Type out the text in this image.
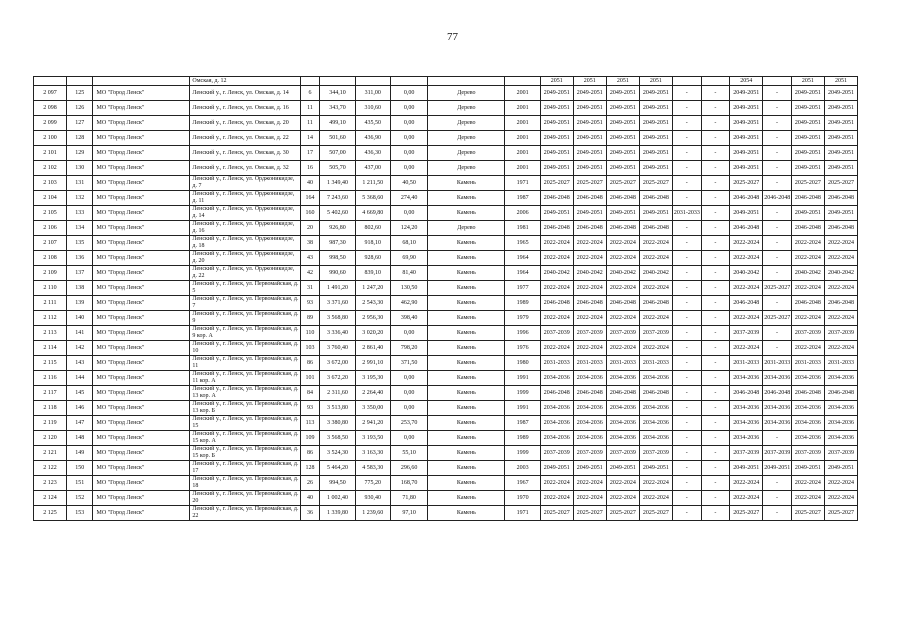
77
			Омская, д. 12							2051	2051	2051	2051			2054		2051	2051
2 097	125	МО "Город Ленск"	Ленский у., г. Ленск, ул. Омская, д. 14	6	344,10	311,00	0,00	Дерево	2001	2049-2051	2049-2051	2049-2051	2049-2051	-	-	2049-2051	-	2049-2051	2049-2051
2 098	126	МО "Город Ленск"	Ленский у., г. Ленск, ул. Омская, д. 16	11	343,70	310,60	0,00	Дерево	2001	2049-2051	2049-2051	2049-2051	2049-2051	-	-	2049-2051	-	2049-2051	2049-2051
2 099	127	МО "Город Ленск"	Ленский у., г. Ленск, ул. Омская, д. 20	11	499,10	435,50	0,00	Дерево	2001	2049-2051	2049-2051	2049-2051	2049-2051	-	-	2049-2051	-	2049-2051	2049-2051
2 100	128	МО "Город Ленск"	Ленский у., г. Ленск, ул. Омская, д. 22	14	501,60	436,90	0,00	Дерево	2001	2049-2051	2049-2051	2049-2051	2049-2051	-	-	2049-2051	-	2049-2051	2049-2051
2 101	129	МО "Город Ленск"	Ленский у., г. Ленск, ул. Омская, д. 30	17	507,00	436,30	0,00	Дерево	2001	2049-2051	2049-2051	2049-2051	2049-2051	-	-	2049-2051	-	2049-2051	2049-2051
2 102	130	МО "Город Ленск"	Ленский у., г. Ленск, ул. Омская, д. 32	16	505,70	437,00	0,00	Дерево	2001	2049-2051	2049-2051	2049-2051	2049-2051	-	-	2049-2051	-	2049-2051	2049-2051
2 103	131	МО "Город Ленск"	Ленский у., г. Ленск, ул. Орджоникидзе, д. 7	40	1 349,40	1 211,50	40,50	Камень	1971	2025-2027	2025-2027	2025-2027	2025-2027	-	-	2025-2027	-	2025-2027	2025-2027
2 104	132	МО "Город Ленск"	Ленский у., г. Ленск, ул. Орджоникидзе, д. 11	164	7 243,60	5 368,60	274,40	Камень	1987	2046-2048	2046-2048	2046-2048	2046-2048	-	-	2046-2048	2046-2048	2046-2048	2046-2048
2 105	133	МО "Город Ленск"	Ленский у., г. Ленск, ул. Орджоникидзе, д. 14	160	5 402,60	4 669,80	0,00	Камень	2006	2049-2051	2049-2051	2049-2051	2049-2051	2031-2033	-	2049-2051	-	2049-2051	2049-2051
2 106	134	МО "Город Ленск"	Ленский у., г. Ленск, ул. Орджоникидзе, д. 16	20	926,80	802,60	124,20	Дерево	1981	2046-2048	2046-2048	2046-2048	2046-2048	-	-	2046-2048	-	2046-2048	2046-2048
2 107	135	МО "Город Ленск"	Ленский у., г. Ленск, ул. Орджоникидзе, д. 18	38	987,30	918,10	68,10	Камень	1965	2022-2024	2022-2024	2022-2024	2022-2024	-	-	2022-2024	-	2022-2024	2022-2024
2 108	136	МО "Город Ленск"	Ленский у., г. Ленск, ул. Орджоникидзе, д. 20	43	998,50	928,60	69,90	Камень	1964	2022-2024	2022-2024	2022-2024	2022-2024	-	-	2022-2024	-	2022-2024	2022-2024
2 109	137	МО "Город Ленск"	Ленский у., г. Ленск, ул. Орджоникидзе, д. 22	42	990,60	839,10	81,40	Камень	1964	2040-2042	2040-2042	2040-2042	2040-2042	-	-	2040-2042	-	2040-2042	2040-2042
2 110	138	МО "Город Ленск"	Ленский у., г. Ленск, ул. Первомайская, д. 5	31	1 491,20	1 247,20	130,50	Камень	1977	2022-2024	2022-2024	2022-2024	2022-2024	-	-	2022-2024	2025-2027	2022-2024	2022-2024
2 111	139	МО "Город Ленск"	Ленский у., г. Ленск, ул. Первомайская, д. 7	93	3 371,60	2 543,30	462,90	Камень	1989	2046-2048	2046-2048	2046-2048	2046-2048	-	-	2046-2048	-	2046-2048	2046-2048
2 112	140	МО "Город Ленск"	Ленский у., г. Ленск, ул. Первомайская, д. 9	89	3 568,80	2 956,30	398,40	Камень	1979	2022-2024	2022-2024	2022-2024	2022-2024	-	-	2022-2024	2025-2027	2022-2024	2022-2024
2 113	141	МО "Город Ленск"	Ленский у., г. Ленск, ул. Первомайская, д. 9 кор. А	110	3 336,40	3 020,20	0,00	Камень	1996	2037-2039	2037-2039	2037-2039	2037-2039	-	-	2037-2039	-	2037-2039	2037-2039
2 114	142	МО "Город Ленск"	Ленский у., г. Ленск, ул. Первомайская, д. 10	103	3 760,40	2 861,40	798,20	Камень	1976	2022-2024	2022-2024	2022-2024	2022-2024	-	-	2022-2024	-	2022-2024	2022-2024
2 115	143	МО "Город Ленск"	Ленский у., г. Ленск, ул. Первомайская, д. 11	86	3 672,00	2 991,10	371,50	Камень	1980	2031-2033	2031-2033	2031-2033	2031-2033	-	-	2031-2033	2031-2033	2031-2033	2031-2033
2 116	144	МО "Город Ленск"	Ленский у., г. Ленск, ул. Первомайская, д. 11 кор. А	101	3 672,20	3 195,30	0,00	Камень	1991	2034-2036	2034-2036	2034-2036	2034-2036	-	-	2034-2036	2034-2036	2034-2036	2034-2036
2 117	145	МО "Город Ленск"	Ленский у., г. Ленск, ул. Первомайская, д. 13 кор. А	84	2 311,60	2 264,40	0,00	Камень	1999	2046-2048	2046-2048	2046-2048	2046-2048	-	-	2046-2048	2046-2048	2046-2048	2046-2048
2 118	146	МО "Город Ленск"	Ленский у., г. Ленск, ул. Первомайская, д. 13 кор. Б	93	3 513,80	3 350,00	0,00	Камень	1991	2034-2036	2034-2036	2034-2036	2034-2036	-	-	2034-2036	2034-2036	2034-2036	2034-2036
2 119	147	МО "Город Ленск"	Ленский у., г. Ленск, ул. Первомайская, д. 15	113	3 380,80	2 941,20	253,70	Камень	1987	2034-2036	2034-2036	2034-2036	2034-2036	-	-	2034-2036	2034-2036	2034-2036	2034-2036
2 120	148	МО "Город Ленск"	Ленский у., г. Ленск, ул. Первомайская, д. 15 кор. А	109	3 568,50	3 193,50	0,00	Камень	1989	2034-2036	2034-2036	2034-2036	2034-2036	-	-	2034-2036	-	2034-2036	2034-2036
2 121	149	МО "Город Ленск"	Ленский у., г. Ленск, ул. Первомайская, д. 15 кор. Б	86	3 524,30	3 163,30	55,10	Камень	1999	2037-2039	2037-2039	2037-2039	2037-2039	-	-	2037-2039	2037-2039	2037-2039	2037-2039
2 122	150	МО "Город Ленск"	Ленский у., г. Ленск, ул. Первомайская, д. 17	128	5 464,20	4 583,30	296,60	Камень	2003	2049-2051	2049-2051	2049-2051	2049-2051	-	-	2049-2051	2049-2051	2049-2051	2049-2051
2 123	151	МО "Город Ленск"	Ленский у., г. Ленск, ул. Первомайская, д. 18	26	994,50	775,20	168,70	Камень	1967	2022-2024	2022-2024	2022-2024	2022-2024	-	-	2022-2024	-	2022-2024	2022-2024
2 124	152	МО "Город Ленск"	Ленский у., г. Ленск, ул. Первомайская, д. 20	40	1 002,40	930,40	71,80	Камень	1970	2022-2024	2022-2024	2022-2024	2022-2024	-	-	2022-2024	-	2022-2024	2022-2024
2 125	153	МО "Город Ленск"	Ленский у., г. Ленск, ул. Первомайская, д. 22	36	1 339,80	1 239,60	97,10	Камень	1971	2025-2027	2025-2027	2025-2027	2025-2027	-	-	2025-2027	-	2025-2027	2025-2027
